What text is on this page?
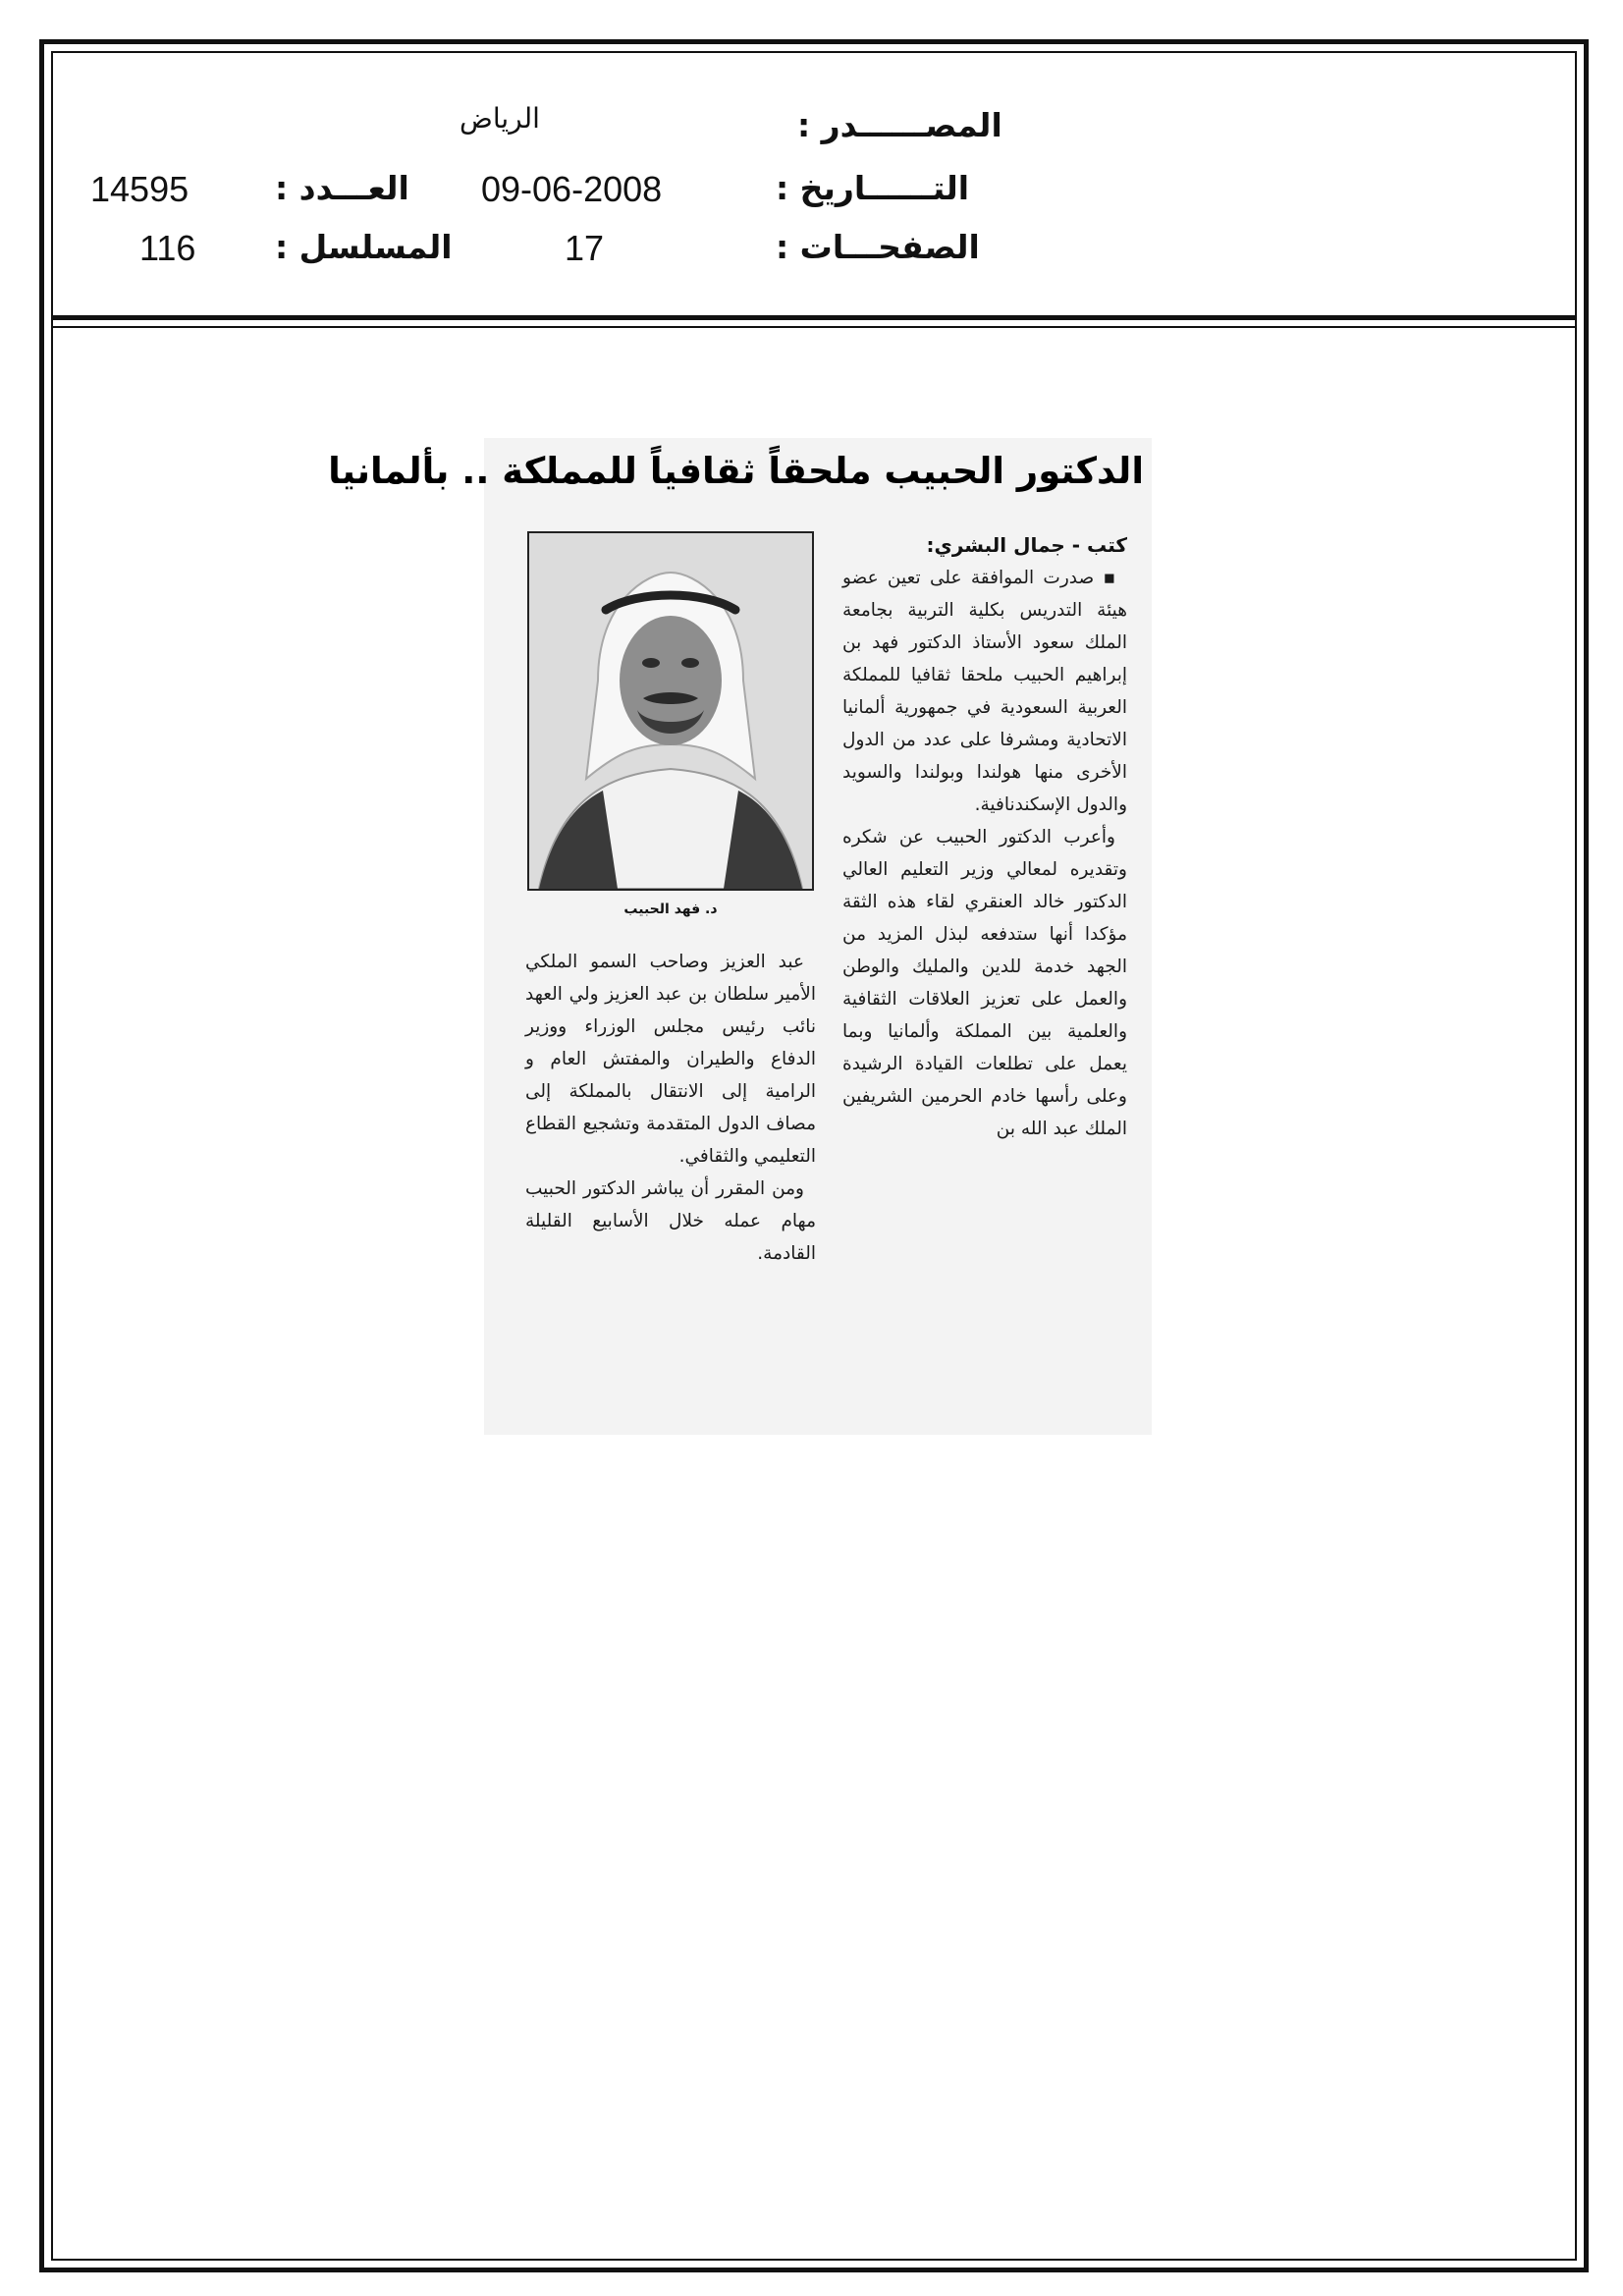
المصــــــدر :
الرياض
التــــــاريخ :
09-06-2008
الصفحـــات :
17
العـــدد :
14595
المسلسل :
116
الدكتور الحبيب ملحقاً ثقافياً للمملكة .. بألمانيا
كتب - جمال البشري:

▪ صدرت الموافقة على تعين عضو هيئة التدريس بكلية التربية بجامعة الملك سعود الأستاذ الدكتور فهد بن إبراهيم الحبيب ملحقا ثقافيا للمملكة العربية السعودية في جمهورية ألمانيا الاتحادية ومشرفا على عدد من الدول الأخرى منها هولندا وبولندا والسويد والدول الإسكندنافية.

وأعرب الدكتور الحبيب عن شكره وتقديره لمعالي وزير التعليم العالي الدكتور خالد العنقري لقاء هذه الثقة مؤكدا أنها ستدفعه لبذل المزيد من الجهد خدمة للدين والمليك والوطن والعمل على تعزيز العلاقات الثقافية والعلمية بين المملكة وألمانيا وبما يعمل على تطلعات القيادة الرشيدة وعلى رأسها خادم الحرمين الشريفين الملك عبد الله بن

د. فهد الحبيب

عبد العزيز وصاحب السمو الملكي الأمير سلطان بن عبد العزيز ولي العهد نائب رئيس مجلس الوزراء ووزير الدفاع والطيران والمفتش العام و الرامية إلى الانتقال بالمملكة إلى مصاف الدول المتقدمة وتشجيع القطاع التعليمي والثقافي.

ومن المقرر أن يباشر الدكتور الحبيب مهام عمله خلال الأسابيع القليلة القادمة.
